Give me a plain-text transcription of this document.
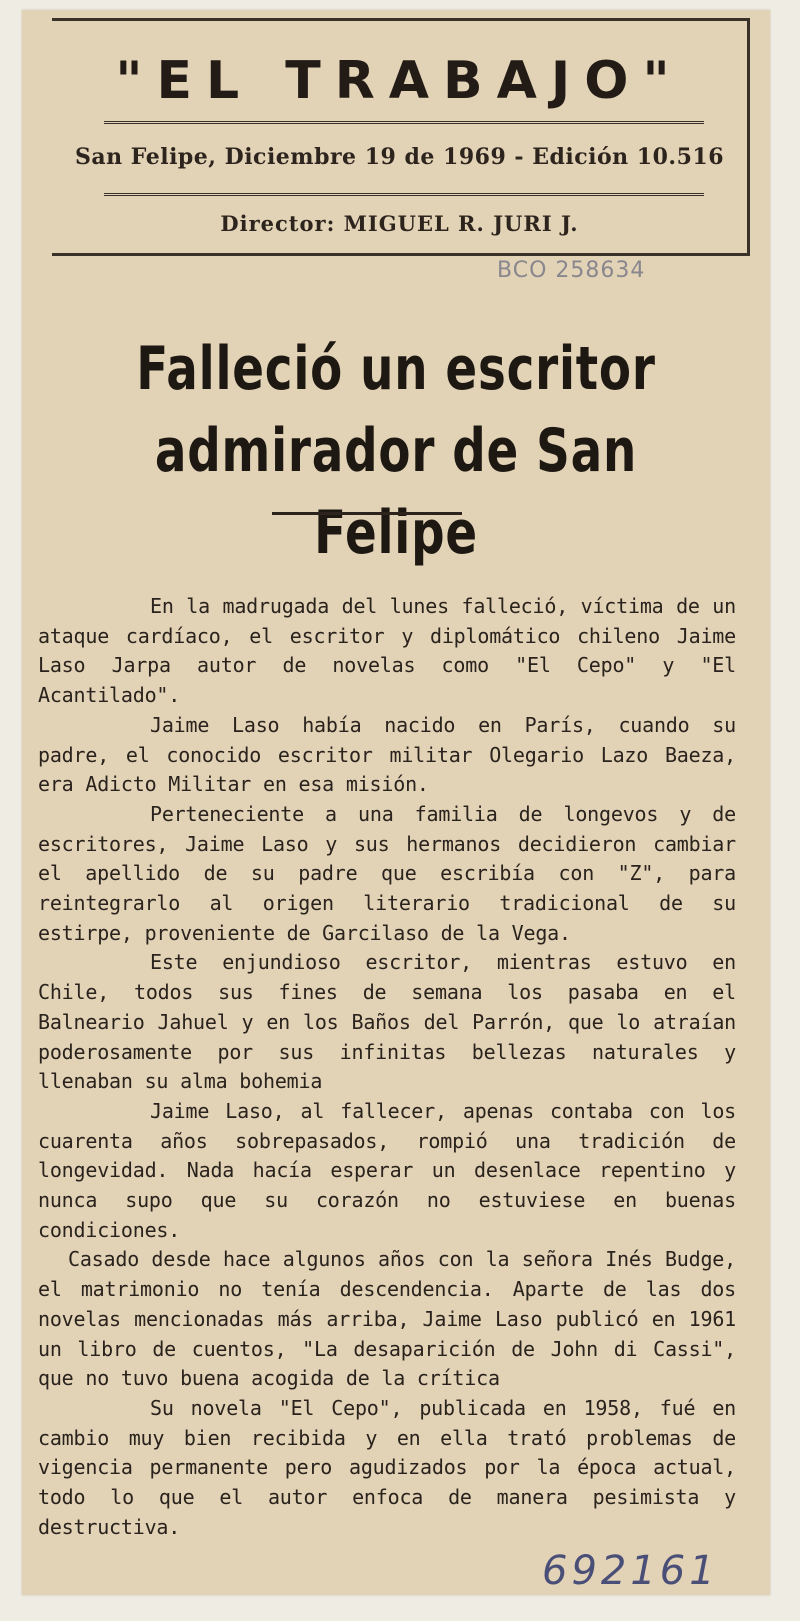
"EL TRABAJO"
San Felipe, Diciembre 19 de 1969 - Edición 10.516
Director: MIGUEL R. JURI J.
BCO 258634
Falleció un escritor admirador de San Felipe

En la madrugada del lunes falleció, víctima de un ataque cardíaco, el escritor y diplomático chileno Jaime Laso Jarpa autor de novelas como "El Cepo" y "El Acantilado".

Jaime Laso había nacido en París, cuando su padre, el conocido escritor militar Olegario Lazo Baeza, era Adicto Militar en esa misión.

Perteneciente a una familia de longevos y de escritores, Jaime Laso y sus hermanos decidieron cambiar el apellido de su padre que escribía con "Z", para reintegrarlo al origen literario tradicional de su estirpe, proveniente de Garcilaso de la Vega.

Este enjundioso escritor, mientras estuvo en Chile, todos sus fines de semana los pasaba en el Balneario Jahuel y en los Baños del Parrón, que lo atraían poderosamente por sus infinitas bellezas naturales y llenaban su alma bohemia

Jaime Laso, al fallecer, apenas contaba con los cuarenta años sobrepasados, rompió una tradición de longevidad. Nada hacía esperar un desenlace repentino y nunca supo que su corazón no estuviese en buenas condiciones.

Casado desde hace algunos años con la señora Inés Budge, el matrimonio no tenía descendencia. Aparte de las dos novelas mencionadas más arriba, Jaime Laso publicó en 1961 un libro de cuentos, "La desaparición de John di Cassi", que no tuvo buena acogida de la crítica

Su novela "El Cepo", publicada en 1958, fué en cambio muy bien recibida y en ella trató problemas de vigencia permanente pero agudizados por la época actual, todo lo que el autor enfoca de manera pesimista y destructiva.

692161
